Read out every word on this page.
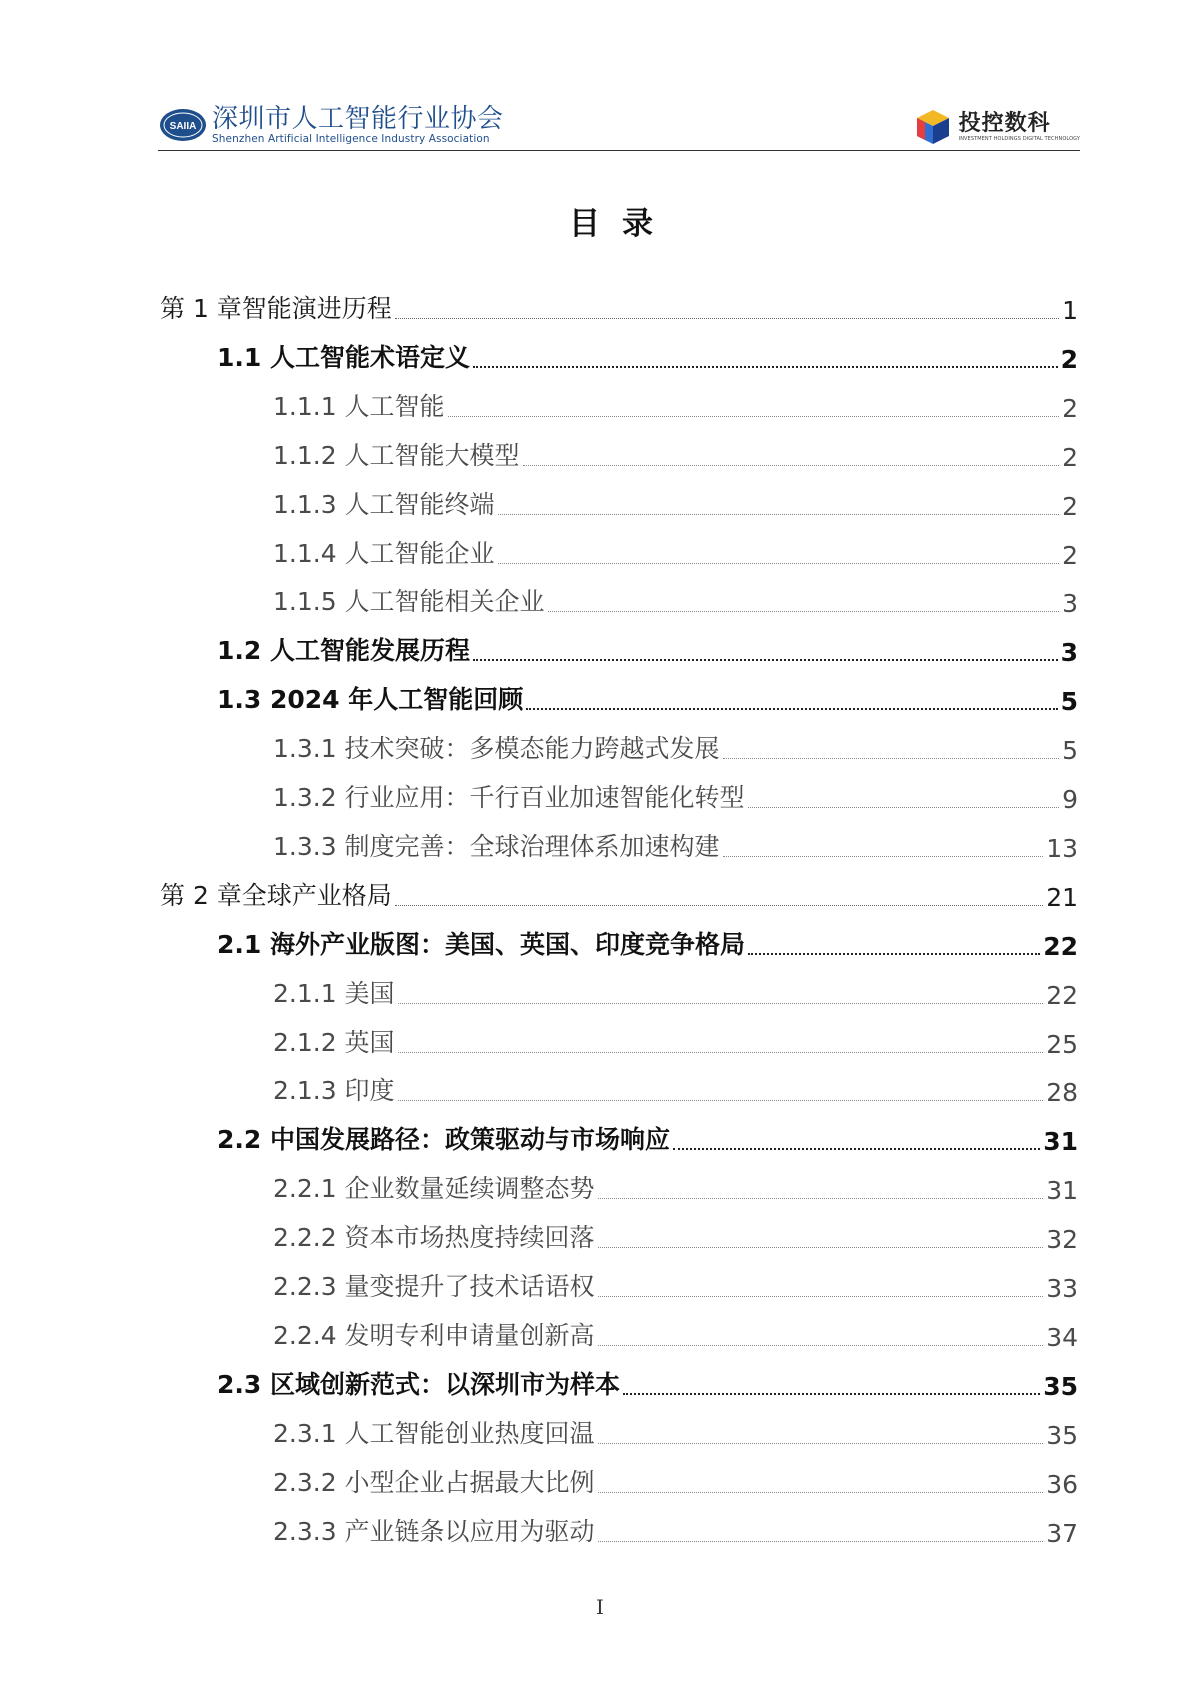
SAIIA 深圳市人工智能行业协会
Shenzhen Artificial Intelligence Industry Association
投控数科
INVESTMENT HOLDINGS DIGITAL TECHNOLOGY
目录
第 1 章智能演进历程	1
1.1 人工智能术语定义	2
1.1.1 人工智能	2
1.1.2 人工智能大模型	2
1.1.3 人工智能终端	2
1.1.4 人工智能企业	2
1.1.5 人工智能相关企业	3
1.2 人工智能发展历程	3
1.3 2024 年人工智能回顾	5
1.3.1 技术突破：多模态能力跨越式发展	5
1.3.2 行业应用：千行百业加速智能化转型	9
1.3.3 制度完善：全球治理体系加速构建	13
第 2 章全球产业格局	21
2.1 海外产业版图：美国、英国、印度竞争格局	22
2.1.1 美国	22
2.1.2 英国	25
2.1.3 印度	28
2.2 中国发展路径：政策驱动与市场响应	31
2.2.1 企业数量延续调整态势	31
2.2.2 资本市场热度持续回落	32
2.2.3 量变提升了技术话语权	33
2.2.4 发明专利申请量创新高	34
2.3 区域创新范式：以深圳市为样本	35
2.3.1 人工智能创业热度回温	35
2.3.2 小型企业占据最大比例	36
2.3.3 产业链条以应用为驱动	37
I
